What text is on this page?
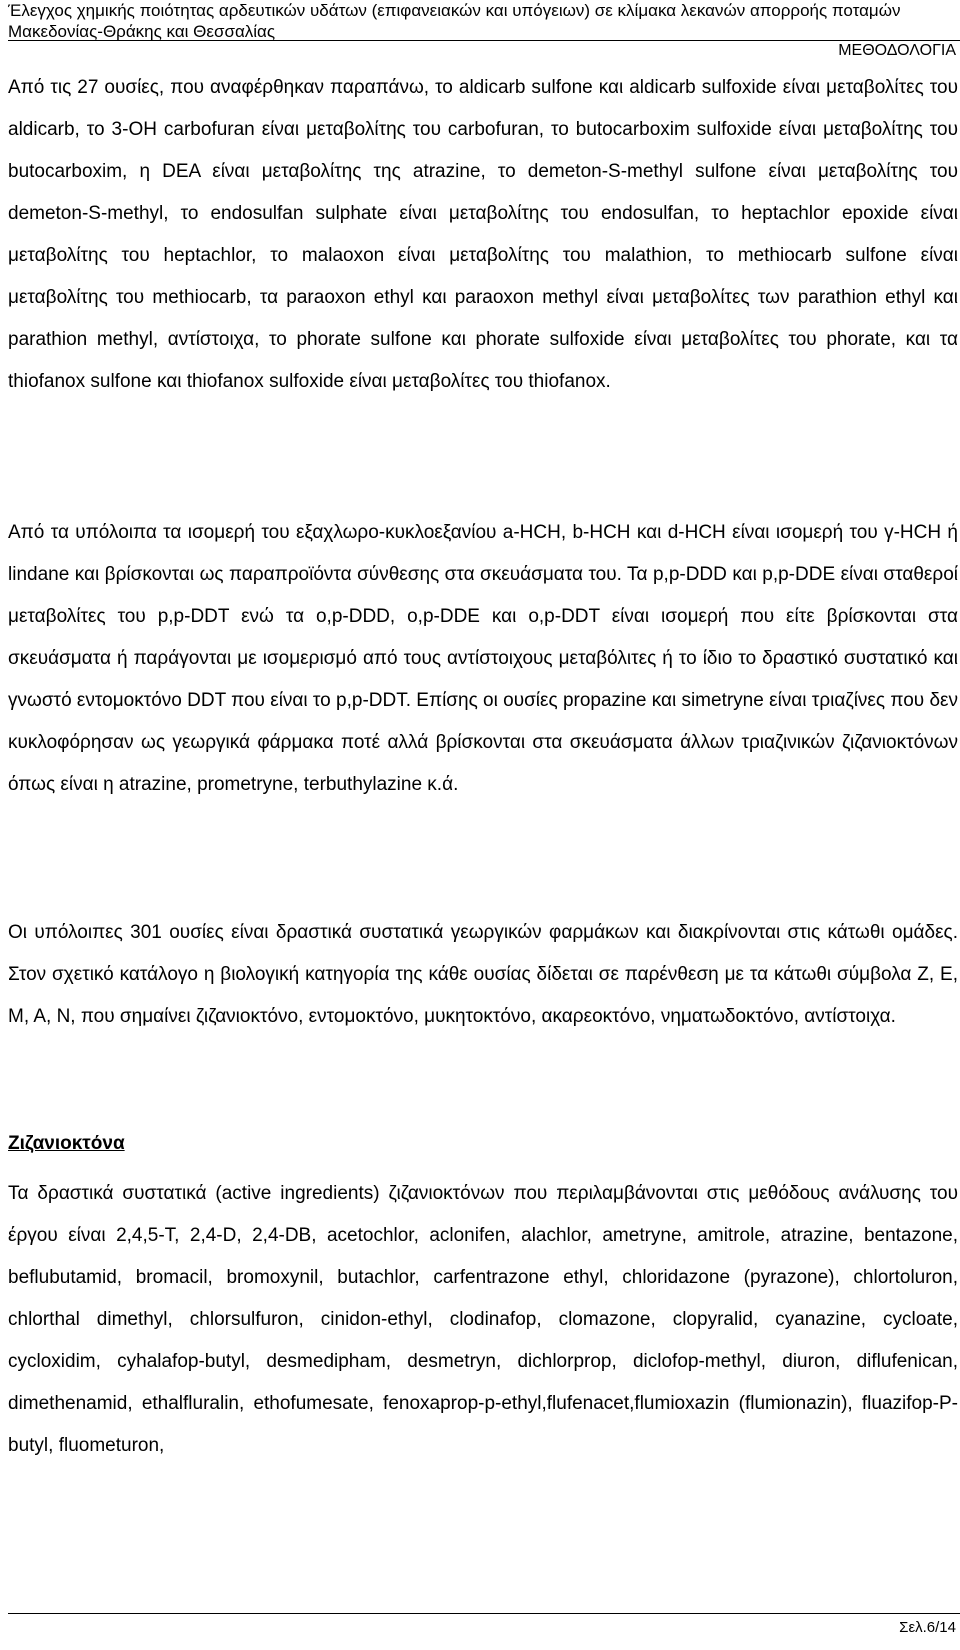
Έλεγχος χημικής ποιότητας αρδευτικών υδάτων (επιφανειακών και υπόγειων) σε κλίμακα λεκανών απορροής ποταμών
Μακεδονίας-Θράκης και Θεσσαλίας
ΜΕΘΟΔΟΛΟΓΙΑ

Από τις 27 ουσίες, που αναφέρθηκαν παραπάνω, το aldicarb sulfone και aldicarb sulfoxide είναι μεταβολίτες του aldicarb, το 3-OH carbofuran είναι μεταβολίτης του carbofuran, το butocarboxim sulfoxide είναι μεταβολίτης του butocarboxim, η DEA είναι μεταβολίτης της atrazine, το demeton-S-methyl sulfone είναι μεταβολίτης του demeton-S-methyl, το endosulfan sulphate είναι μεταβολίτης του endosulfan, το heptachlor epoxide είναι μεταβολίτης του heptachlor, το malaoxon είναι μεταβολίτης του malathion, το methiocarb sulfone είναι μεταβολίτης του methiocarb, τα paraoxon ethyl και paraoxon methyl είναι μεταβολίτες των parathion ethyl και parathion methyl, αντίστοιχα, το phorate sulfone και phorate sulfoxide είναι μεταβολίτες του phorate, και τα thiofanox sulfone και thiofanox sulfoxide είναι μεταβολίτες του thiofanox.

Από τα υπόλοιπα τα ισομερή του εξαχλωρο-κυκλοεξανίου a-HCH, b-HCH και d-HCH είναι ισομερή του γ-HCH ή lindane και βρίσκονται ως παραπροϊόντα σύνθεσης στα σκευάσματα του. Τα p,p-DDD και p,p-DDE είναι σταθεροί μεταβολίτες του p,p-DDT ενώ τα o,p-DDD, o,p-DDE και o,p-DDT είναι ισομερή που είτε βρίσκονται στα σκευάσματα ή παράγονται με ισομερισμό από τους αντίστοιχους μεταβόλιτες ή το ίδιο το δραστικό συστατικό και γνωστό εντομοκτόνο DDT που είναι το p,p-DDT. Επίσης οι ουσίες propazine και simetryne είναι τριαζίνες που δεν κυκλοφόρησαν ως γεωργικά φάρμακα ποτέ αλλά βρίσκονται στα σκευάσματα άλλων τριαζινικών ζιζανιοκτόνων όπως είναι η atrazine, prometryne, terbuthylazine κ.ά.

Οι υπόλοιπες 301 ουσίες είναι δραστικά συστατικά γεωργικών φαρμάκων και διακρίνονται στις κάτωθι ομάδες. Στον σχετικό κατάλογο η βιολογική κατηγορία της κάθε ουσίας δίδεται σε παρένθεση με τα κάτωθι σύμβολα Z, E, M, A, N, που σημαίνει ζιζανιοκτόνο, εντομοκτόνο, μυκητοκτόνο, ακαρεοκτόνο, νηματωδοκτόνο, αντίστοιχα.

Ζιζανιοκτόνα

Τα δραστικά συστατικά (active ingredients) ζιζανιοκτόνων που περιλαμβάνονται στις μεθόδους ανάλυσης του έργου είναι 2,4,5-T, 2,4-D, 2,4-DB, acetochlor, aclonifen, alachlor, ametryne, amitrole, atrazine, bentazone, beflubutamid, bromacil, bromoxynil, butachlor, carfentrazone ethyl, chloridazone (pyrazone), chlortoluron, chlorthal dimethyl, chlorsulfuron, cinidon-ethyl, clodinafop, clomazone, clopyralid, cyanazine, cycloate, cycloxidim, cyhalafop-butyl, desmedipham, desmetryn, dichlorprop, diclofop-methyl, diuron, diflufenican, dimethenamid, ethalfluralin, ethofumesate, fenoxaprop-p-ethyl,flufenacet,flumioxazin (flumionazin), fluazifop-P-butyl, fluometuron,

Σελ.6/14
